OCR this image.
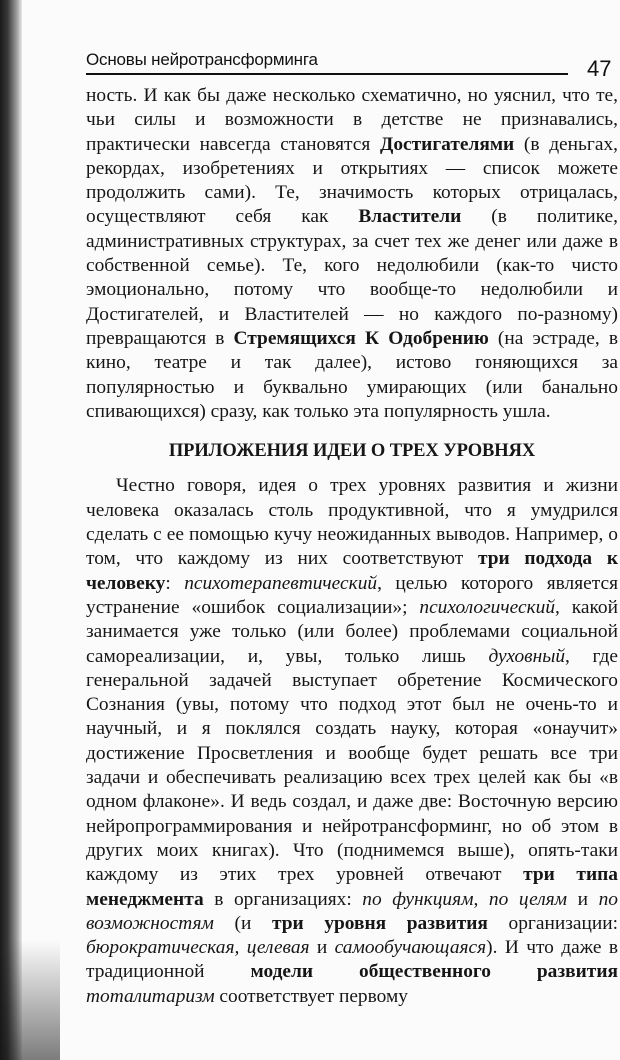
Основы нейротрансформинга	47

ность. И как бы даже несколько схематично, но уяснил, что те, чьи силы и возможности в детстве не признавались, практически навсегда становятся Достигателями (в деньгах, рекордах, изобретениях и открытиях — список можете продолжить сами). Те, значимость которых отрицалась, осуществляют себя как Властители (в политике, административных структурах, за счет тех же денег или даже в собственной семье). Те, кого недолюбили (как-то чисто эмоционально, потому что вообще-то недолюбили и Достигателей, и Властителей — но каждого по-разному) превращаются в Стремящихся К Одобрению (на эстраде, в кино, театре и так далее), истово гоняющихся за популярностью и буквально умирающих (или банально спивающихся) сразу, как только эта популярность ушла.

ПРИЛОЖЕНИЯ ИДЕИ О ТРЕХ УРОВНЯХ

Честно говоря, идея о трех уровнях развития и жизни человека оказалась столь продуктивной, что я умудрился сделать с ее помощью кучу неожиданных выводов. Например, о том, что каждому из них соответствуют три подхода к человеку: психотерапевтический, целью которого является устранение «ошибок социализации»; психологический, какой занимается уже только (или более) проблемами социальной самореализации, и, увы, только лишь духовный, где генеральной задачей выступает обретение Космического Сознания (увы, потому что подход этот был не очень-то и научный, и я поклялся создать науку, которая «онаучит» достижение Просветления и вообще будет решать все три задачи и обеспечивать реализацию всех трех целей как бы «в одном флаконе». И ведь создал, и даже две: Восточную версию нейропрограммирования и нейротрансформинг, но об этом в других моих книгах). Что (поднимемся выше), опять-таки каждому из этих трех уровней отвечают три типа менеджмента в организациях: по функциям, по целям и по возможностям (и три уровня развития организации: бюрократическая, целевая и самообучающаяся). И что даже в традиционной модели общественного развития тоталитаризм соответствует первому
